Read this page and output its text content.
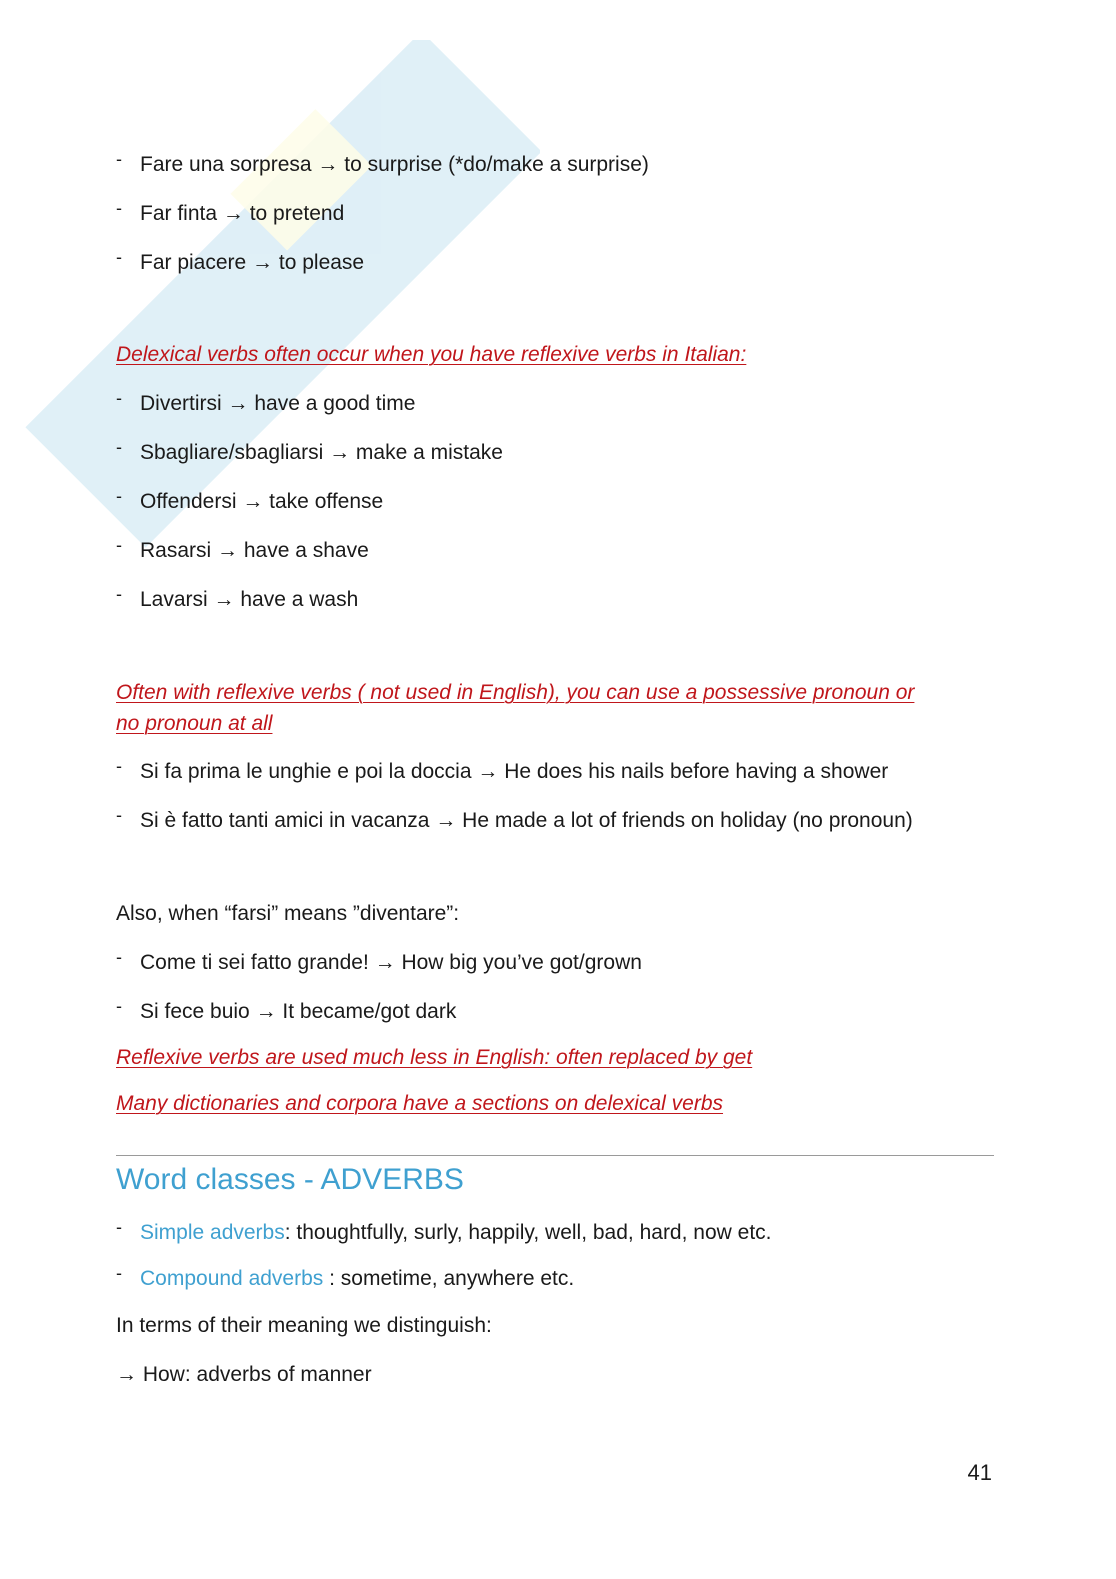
- Fare una sorpresa → to surprise (*do/make a surprise)
- Far finta → to pretend
- Far piacere → to please
Delexical verbs often occur when you have reflexive verbs in Italian:
- Divertirsi → have a good time
- Sbagliare/sbagliarsi → make a mistake
- Offendersi → take offense
- Rasarsi → have a shave
- Lavarsi → have a wash
Often with reflexive verbs ( not used in English), you can use a possessive pronoun or
no pronoun at all
- Si fa prima le unghie e poi la doccia → He does his nails before having a shower
- Si è fatto tanti amici in vacanza → He made a lot of friends on holiday (no pronoun)
Also, when “farsi” means ”diventare”:
- Come ti sei fatto grande! → How big you’ve got/grown
- Si fece buio → It became/got dark
Reflexive verbs are used much less in English: often replaced by get
Many dictionaries and corpora have a sections on delexical verbs
Word classes - ADVERBS
- Simple adverbs: thoughtfully, surly, happily, well, bad, hard, now etc.
- Compound adverbs : sometime, anywhere etc.
In terms of their meaning we distinguish:
→ How: adverbs of manner
41
